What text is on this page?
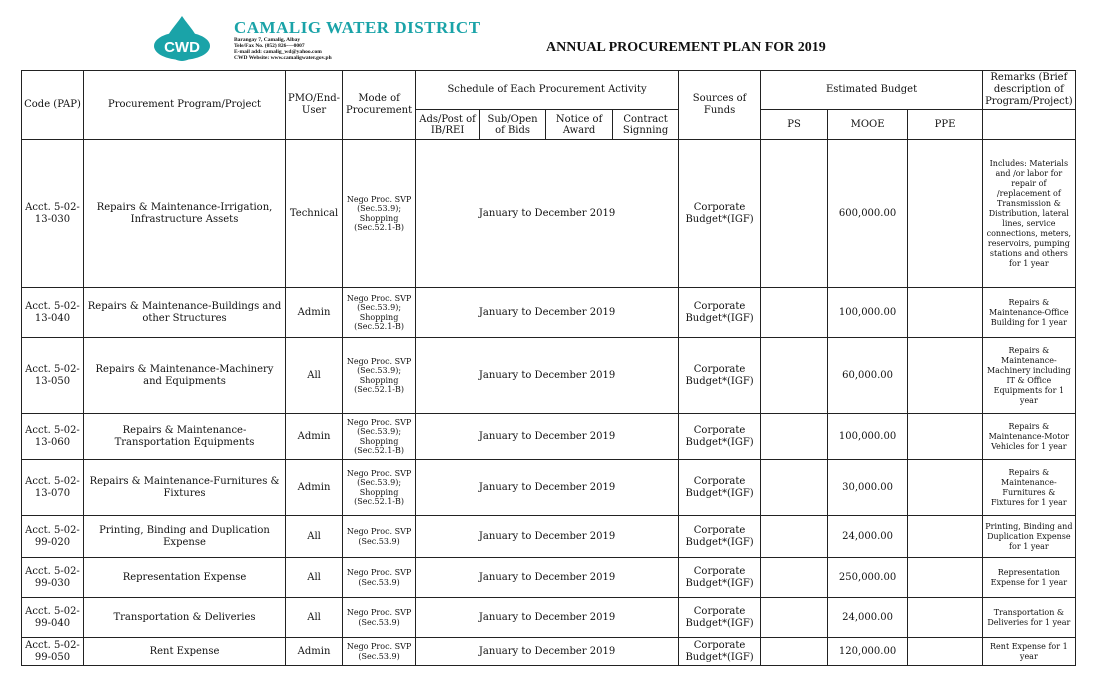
CWD
CAMALIG WATER DISTRICT
Barangay 7, Camalig, Albay
Tele/Fax No. (052) 826-—0007
E-mail add: camalig_wd@yahoo.com
CWD Website: www.camaligwater.gov.ph
ANNUAL PROCUREMENT PLAN FOR 2019
Code (PAP)	Procurement Program/Project	PMO/End-User	Mode of Procurement	Schedule of Each Procurement Activity				Sources of Funds	Estimated Budget			Remarks (Brief description of Program/Project)
				Ads/Post of IB/REI	Sub/Open of Bids	Notice of Award	Contract Signning		PS	MOOE	PPE	
Acct. 5-02-13-030	Repairs & Maintenance-Irrigation, Infrastructure Assets	Technical	Nego Proc. SVP (Sec.53.9); Shopping (Sec.52.1-B)	January to December 2019				Corporate Budget*(IGF)		600,000.00		Includes: Materials and /or labor for repair of /replacement of Transmission & Distribution, lateral lines, service connections, meters, reservoirs, pumping stations and others for 1 year
Acct. 5-02-13-040	Repairs & Maintenance-Buildings and other Structures	Admin	Nego Proc. SVP (Sec.53.9); Shopping (Sec.52.1-B)	January to December 2019				Corporate Budget*(IGF)		100,000.00		Repairs & Maintenance-Office Building for 1 year
Acct. 5-02-13-050	Repairs & Maintenance-Machinery and Equipments	All	Nego Proc. SVP (Sec.53.9); Shopping (Sec.52.1-B)	January to December 2019				Corporate Budget*(IGF)		60,000.00		Repairs & Maintenance-Machinery including IT & Office Equipments for 1 year
Acct. 5-02-13-060	Repairs & Maintenance-Transportation Equipments	Admin	Nego Proc. SVP (Sec.53.9); Shopping (Sec.52.1-B)	January to December 2019				Corporate Budget*(IGF)		100,000.00		Repairs & Maintenance-Motor Vehicles for 1 year
Acct. 5-02-13-070	Repairs & Maintenance-Furnitures & Fixtures	Admin	Nego Proc. SVP (Sec.53.9); Shopping (Sec.52.1-B)	January to December 2019				Corporate Budget*(IGF)		30,000.00		Repairs & Maintenance-Furnitures & Fixtures for 1 year
Acct. 5-02-99-020	Printing, Binding and Duplication Expense	All	Nego Proc. SVP (Sec.53.9)	January to December 2019				Corporate Budget*(IGF)		24,000.00		Printing, Binding and Duplication Expense for 1 year
Acct. 5-02-99-030	Representation Expense	All	Nego Proc. SVP (Sec.53.9)	January to December 2019				Corporate Budget*(IGF)		250,000.00		Representation Expense for 1 year
Acct. 5-02-99-040	Transportation & Deliveries	All	Nego Proc. SVP (Sec.53.9)	January to December 2019				Corporate Budget*(IGF)		24,000.00		Transportation & Deliveries for 1 year
Acct. 5-02-99-050	Rent Expense	Admin	Nego Proc. SVP (Sec.53.9)	January to December 2019				Corporate Budget*(IGF)		120,000.00		Rent Expense for 1 year
